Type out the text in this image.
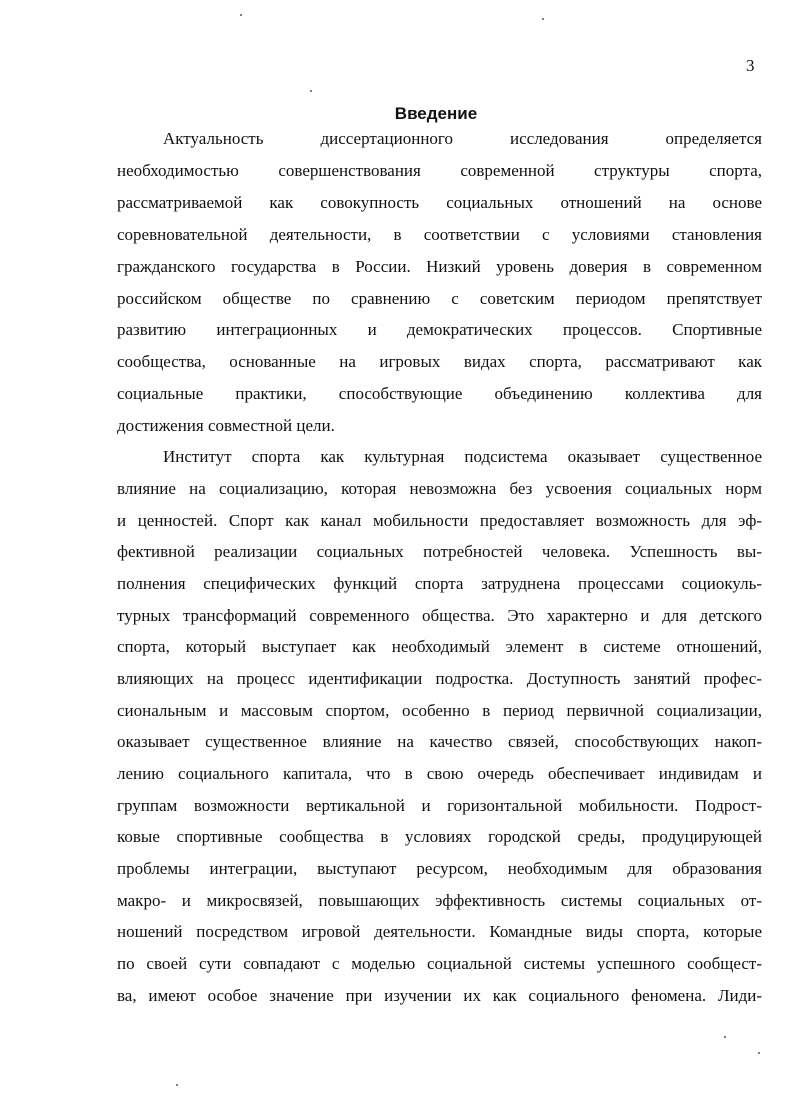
3
Введение
Актуальность диссертационного исследования определяется
необходимостью совершенствования современной структуры спорта,
рассматриваемой как совокупность социальных отношений на основе
соревновательной деятельности, в соответствии с условиями становления
гражданского государства в России. Низкий уровень доверия в современном
российском обществе по сравнению с советским периодом препятствует
развитию интеграционных и демократических процессов. Спортивные
сообщества, основанные на игровых видах спорта, рассматривают как
социальные практики, способствующие объединению коллектива для
достижения совместной цели.
Институт спорта как культурная подсистема оказывает существенное
влияние на социализацию, которая невозможна без усвоения социальных норм
и ценностей. Спорт как канал мобильности предоставляет возможность для эф-
фективной реализации социальных потребностей человека. Успешность вы-
полнения специфических функций спорта затруднена процессами социокуль-
турных трансформаций современного общества. Это характерно и для детского
спорта, который выступает как необходимый элемент в системе отношений,
влияющих на процесс идентификации подростка. Доступность занятий профес-
сиональным и массовым спортом, особенно в период первичной социализации,
оказывает существенное влияние на качество связей, способствующих накоп-
лению социального капитала, что в свою очередь обеспечивает индивидам и
группам возможности вертикальной и горизонтальной мобильности. Подрост-
ковые спортивные сообщества в условиях городской среды, продуцирующей
проблемы интеграции, выступают ресурсом, необходимым для образования
макро- и микросвязей, повышающих эффективность системы социальных от-
ношений посредством игровой деятельности. Командные виды спорта, которые
по своей сути совпадают с моделью социальной системы успешного сообщест-
ва, имеют особое значение при изучении их как социального феномена. Лиди-
